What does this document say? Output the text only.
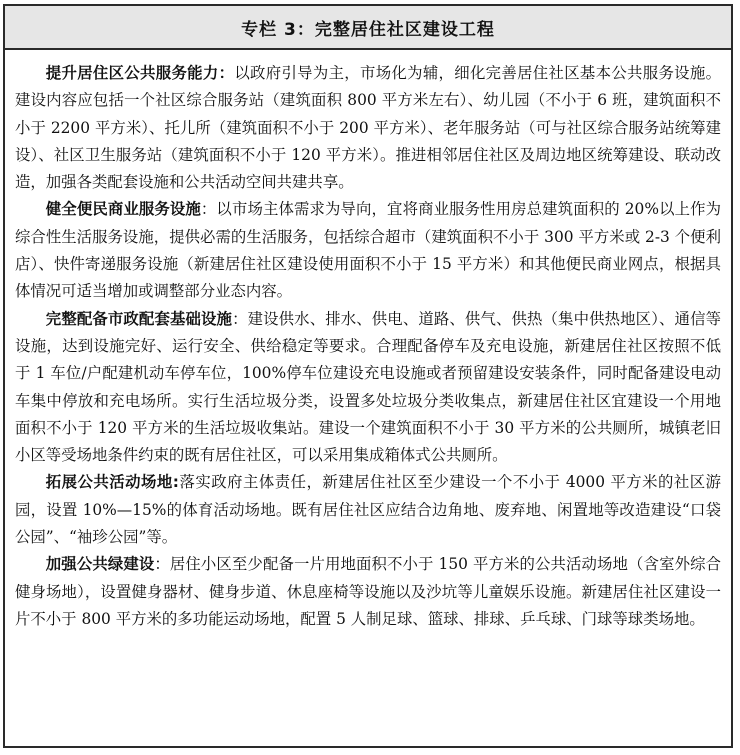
专栏 3：完整居住社区建设工程

提升居住区公共服务能力：以政府引导为主，市场化为辅，细化完善居住社区基本公共服务设施。建设内容应包括一个社区综合服务站（建筑面积 800 平方米左右）、幼儿园（不小于 6 班，建筑面积不小于 2200 平方米）、托儿所（建筑面积不小于 200 平方米）、老年服务站（可与社区综合服务站统筹建设）、社区卫生服务站（建筑面积不小于 120 平方米）。推进相邻居住社区及周边地区统筹建设、联动改造，加强各类配套设施和公共活动空间共建共享。

健全便民商业服务设施：以市场主体需求为导向，宜将商业服务性用房总建筑面积的 20%以上作为综合性生活服务设施，提供必需的生活服务，包括综合超市（建筑面积不小于 300 平方米或 2-3 个便利店）、快件寄递服务设施（新建居住社区建设使用面积不小于 15 平方米）和其他便民商业网点，根据具体情况可适当增加或调整部分业态内容。

完整配备市政配套基础设施：建设供水、排水、供电、道路、供气、供热（集中供热地区）、通信等设施，达到设施完好、运行安全、供给稳定等要求。合理配备停车及充电设施，新建居住社区按照不低于 1 车位/户配建机动车停车位，100%停车位建设充电设施或者预留建设安装条件，同时配备建设电动车集中停放和充电场所。实行生活垃圾分类，设置多处垃圾分类收集点，新建居住社区宜建设一个用地面积不小于 120 平方米的生活垃圾收集站。建设一个建筑面积不小于 30 平方米的公共厕所，城镇老旧小区等受场地条件约束的既有居住社区，可以采用集成箱体式公共厕所。

拓展公共活动场地:落实政府主体责任，新建居住社区至少建设一个不小于 4000 平方米的社区游园，设置 10%—15%的体育活动场地。既有居住社区应结合边角地、废弃地、闲置地等改造建设“口袋公园”、“袖珍公园”等。

加强公共绿建设：居住小区至少配备一片用地面积不小于 150 平方米的公共活动场地（含室外综合健身场地），设置健身器材、健身步道、休息座椅等设施以及沙坑等儿童娱乐设施。新建居住社区建设一片不小于 800 平方米的多功能运动场地，配置 5 人制足球、篮球、排球、乒乓球、门球等球类场地。
